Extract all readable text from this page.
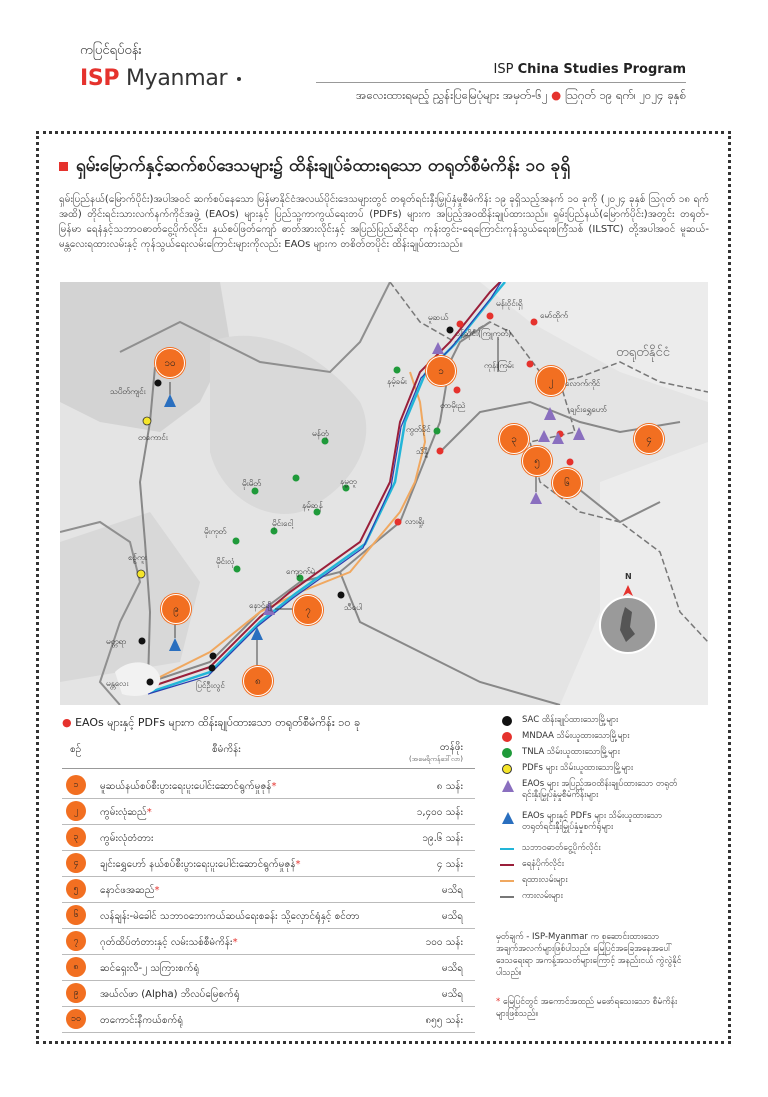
ကပြင်ရပ်ဝန်း
ISP Myanmar	ISP China Studies Program
အလေးထားရမည့် ညွှန်းပြမြေပုံများ အမှတ်-၆၂ ● ဩဂုတ် ၁၉ ရက်၊ ၂၀၂၄ ခုနှစ်
ရှမ်းမြောက်နှင့်ဆက်စပ်ဒေသများ၌ ထိန်းချုပ်ခံထားရသော တရုတ်စီမံကိန်း ၁၀ ခုရှိ
ရှမ်းပြည်နယ်(မြောက်ပိုင်း)အပါအဝင် ဆက်စပ်နေသော မြန်မာနိုင်ငံအလယ်ပိုင်းဒေသများတွင် တရုတ်ရင်းနှီးမြှုပ်နှံမှုစီမံကိန်း ၁၉ ခုရှိသည့်အနက် ၁၀ ခုကို (၂၀၂၄ ခုနှစ် ဩဂုတ် ၁၈ ရက်အထိ) တိုင်းရင်းသားလက်နက်ကိုင်အဖွဲ့ (EAOs) များနှင့် ပြည်သူ့ကာကွယ်ရေးတပ် (PDFs) များက အပြည့်အဝထိန်းချုပ်ထားသည်။ ရှမ်းပြည်နယ်(မြောက်ပိုင်း)အတွင်း တရုတ်-မြန်မာ ရေနံနှင့်သဘာဝဓာတ်ငွေ့ပိုက်လိုင်း၊ နယ်စပ်ဖြတ်ကျော် ဓာတ်အားလိုင်းနှင့် အပြည်ပြည်ဆိုင်ရာ ကုန်းတွင်း-ရေကြောင်းကုန်သွယ်ရေးစင်္ကြံသစ် (ILSTC) တို့အပါအဝင် မူဆယ်-မန္တလေးရထားလမ်းနှင့် ကုန်သွယ်ရေးလမ်းကြောင်းများကိုလည်း EAOs များက တစိတ်တပိုင်း ထိန်းချုပ်ထားသည်။
၁၀
၁
၂
၃	၄
၅
၆
၇
၈
၉
တရုတ်နိုင်ငံ
မူဆယ်
နမ့်ခမ်း
မန်းဝိုင်းရှိ
ပန်ဆိုင်း(ကြူကုတ်)
မော်ထိုက်
ကုန်းကြမ်း
လောက်ကိုင်
တာမိုးညဲ	ချင်းရွှေဟော်
ကွတ်ခိုင်
သိန္နီ
လားရှိုး
သီပေါ
ကျောက်မဲ
နောင်ချို
မိုးမိတ်
မန်တုံ
နမ္မတူ
နမ့်ဆန်
မိုင်းငေါ့
မိုးကုတ်
မိုင်းလုံ
သပိတ်ကျင်း
တကောင်း
စဉ့်ကူး
မတ္တရာ
မန္တလေး	ပြင်ဦးလွင်
N
● EAOs များနှင့် PDFs များက ထိန်းချုပ်ထားသော တရုတ်စီမံကိန်း ၁၀ ခု
စဉ်	စီမံကိန်း	တန်ဖိုး
(အမေရိကန်ဒေါ်လာ)
၁	မူဆယ်နယ်စပ်စီးပွားရေးပူးပေါင်းဆောင်ရွက်မှုဇုန်*	၈ သန်း
၂	ကွမ်းလုံဆည်*	၁,၄၀၀ သန်း
၃	ကွမ်းလုံတံတား	၁၉.၆ သန်း
၄	ချင်းရွှေဟော် နယ်စပ်စီးပွားရေးပူးပေါင်းဆောင်ရွက်မှုဇုန်*	၄ သန်း
၅	နောင်ဖအဆည်*	မသိရ
၆	လန်ချန်း-မဲခေါင် သဘာဝဘေးကယ်ဆယ်ရေးစခန်း သို့လှောင်ရုံနှင့် စင်တာ	မသိရ
၇	ဂုတ်ထိပ်တံတားနှင့် လမ်းသစ်စီမံကိန်း*	၁၀၀ သန်း
၈	ဆင်ရှေးလီ-၂ သကြားစက်ရုံ	မသိရ
၉	အယ်လ်ဖာ (Alpha) ဘိလပ်မြေစက်ရုံ	မသိရ
၁၀	တကောင်းနီကယ်စက်ရုံ	၈၅၅ သန်း
SAC ထိန်းချုပ်ထားသောမြို့များ
MNDAA သိမ်းယူထားသောမြို့များ
TNLA သိမ်းယူထားသောမြို့များ
PDFs များ သိမ်းယူထားသောမြို့များ
EAOs များ အပြည့်အဝထိန်းချုပ်ထားသော တရုတ်ရင်းနှီးမြှုပ်နှံမှုစီမံကိန်းများ
EAOs များနှင့် PDFs များ သိမ်းယူထားသော တရုတ်ရင်းနှီးမြှုပ်နှံမှုစက်ရုံများ
သဘာဝဓာတ်ငွေ့ပိုက်လိုင်း
ရေနံပိုက်လိုင်း
ရထားလမ်းများ
ကားလမ်းများ
မှတ်ချက် - ISP-Myanmar က စုဆောင်းထားသော အချက်အလက်များဖြစ်ပါသည်။ မြေပြင်အခြေအနေအပေါ် ဒေသရေးရာ အကန့်အသတ်များကြောင့် အနည်းငယ် ကွဲလွဲနိုင်ပါသည်။
* မြေပြင်တွင် အကောင်အထည် မဖော်ရသေးသော စီမံကိန်းများဖြစ်သည်။
